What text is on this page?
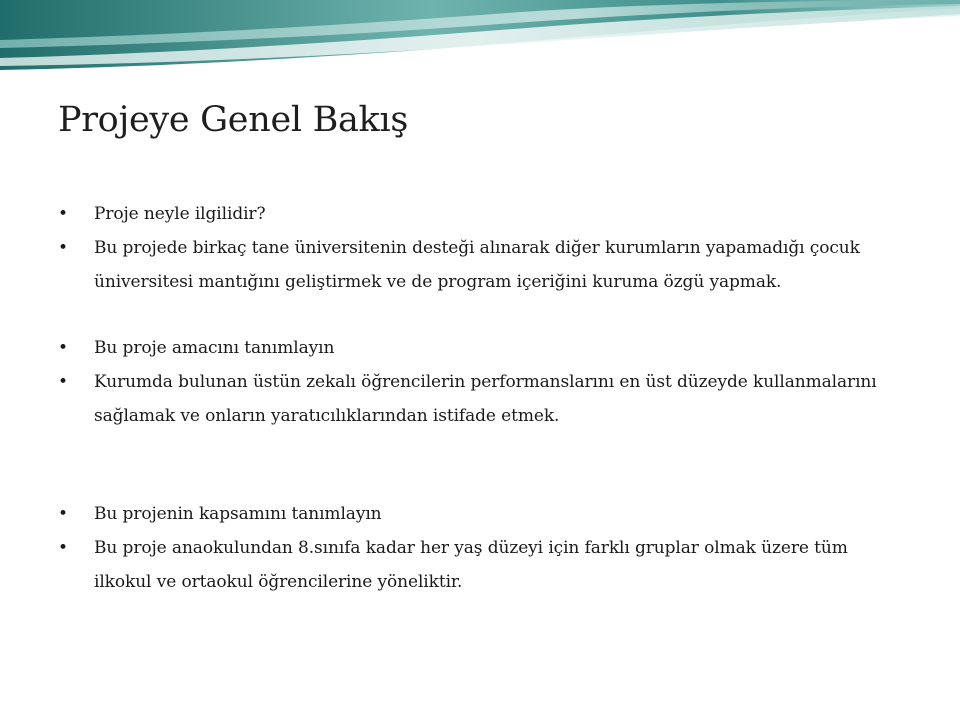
Projeye Genel Bakış
• Proje neyle ilgilidir?
• Bu projede birkaç tane üniversitenin desteği alınarak diğer kurumların yapamadığı çocuk üniversitesi mantığını geliştirmek ve de program içeriğini kuruma özgü yapmak.
• Bu proje amacını tanımlayın
• Kurumda bulunan üstün zekalı öğrencilerin performanslarını en üst düzeyde kullanmalarını sağlamak ve onların yaratıcılıklarından istifade etmek.
• Bu projenin kapsamını tanımlayın
• Bu proje anaokulundan 8.sınıfa kadar her yaş düzeyi için farklı gruplar olmak üzere tüm ilkokul ve ortaokul öğrencilerine yöneliktir.
